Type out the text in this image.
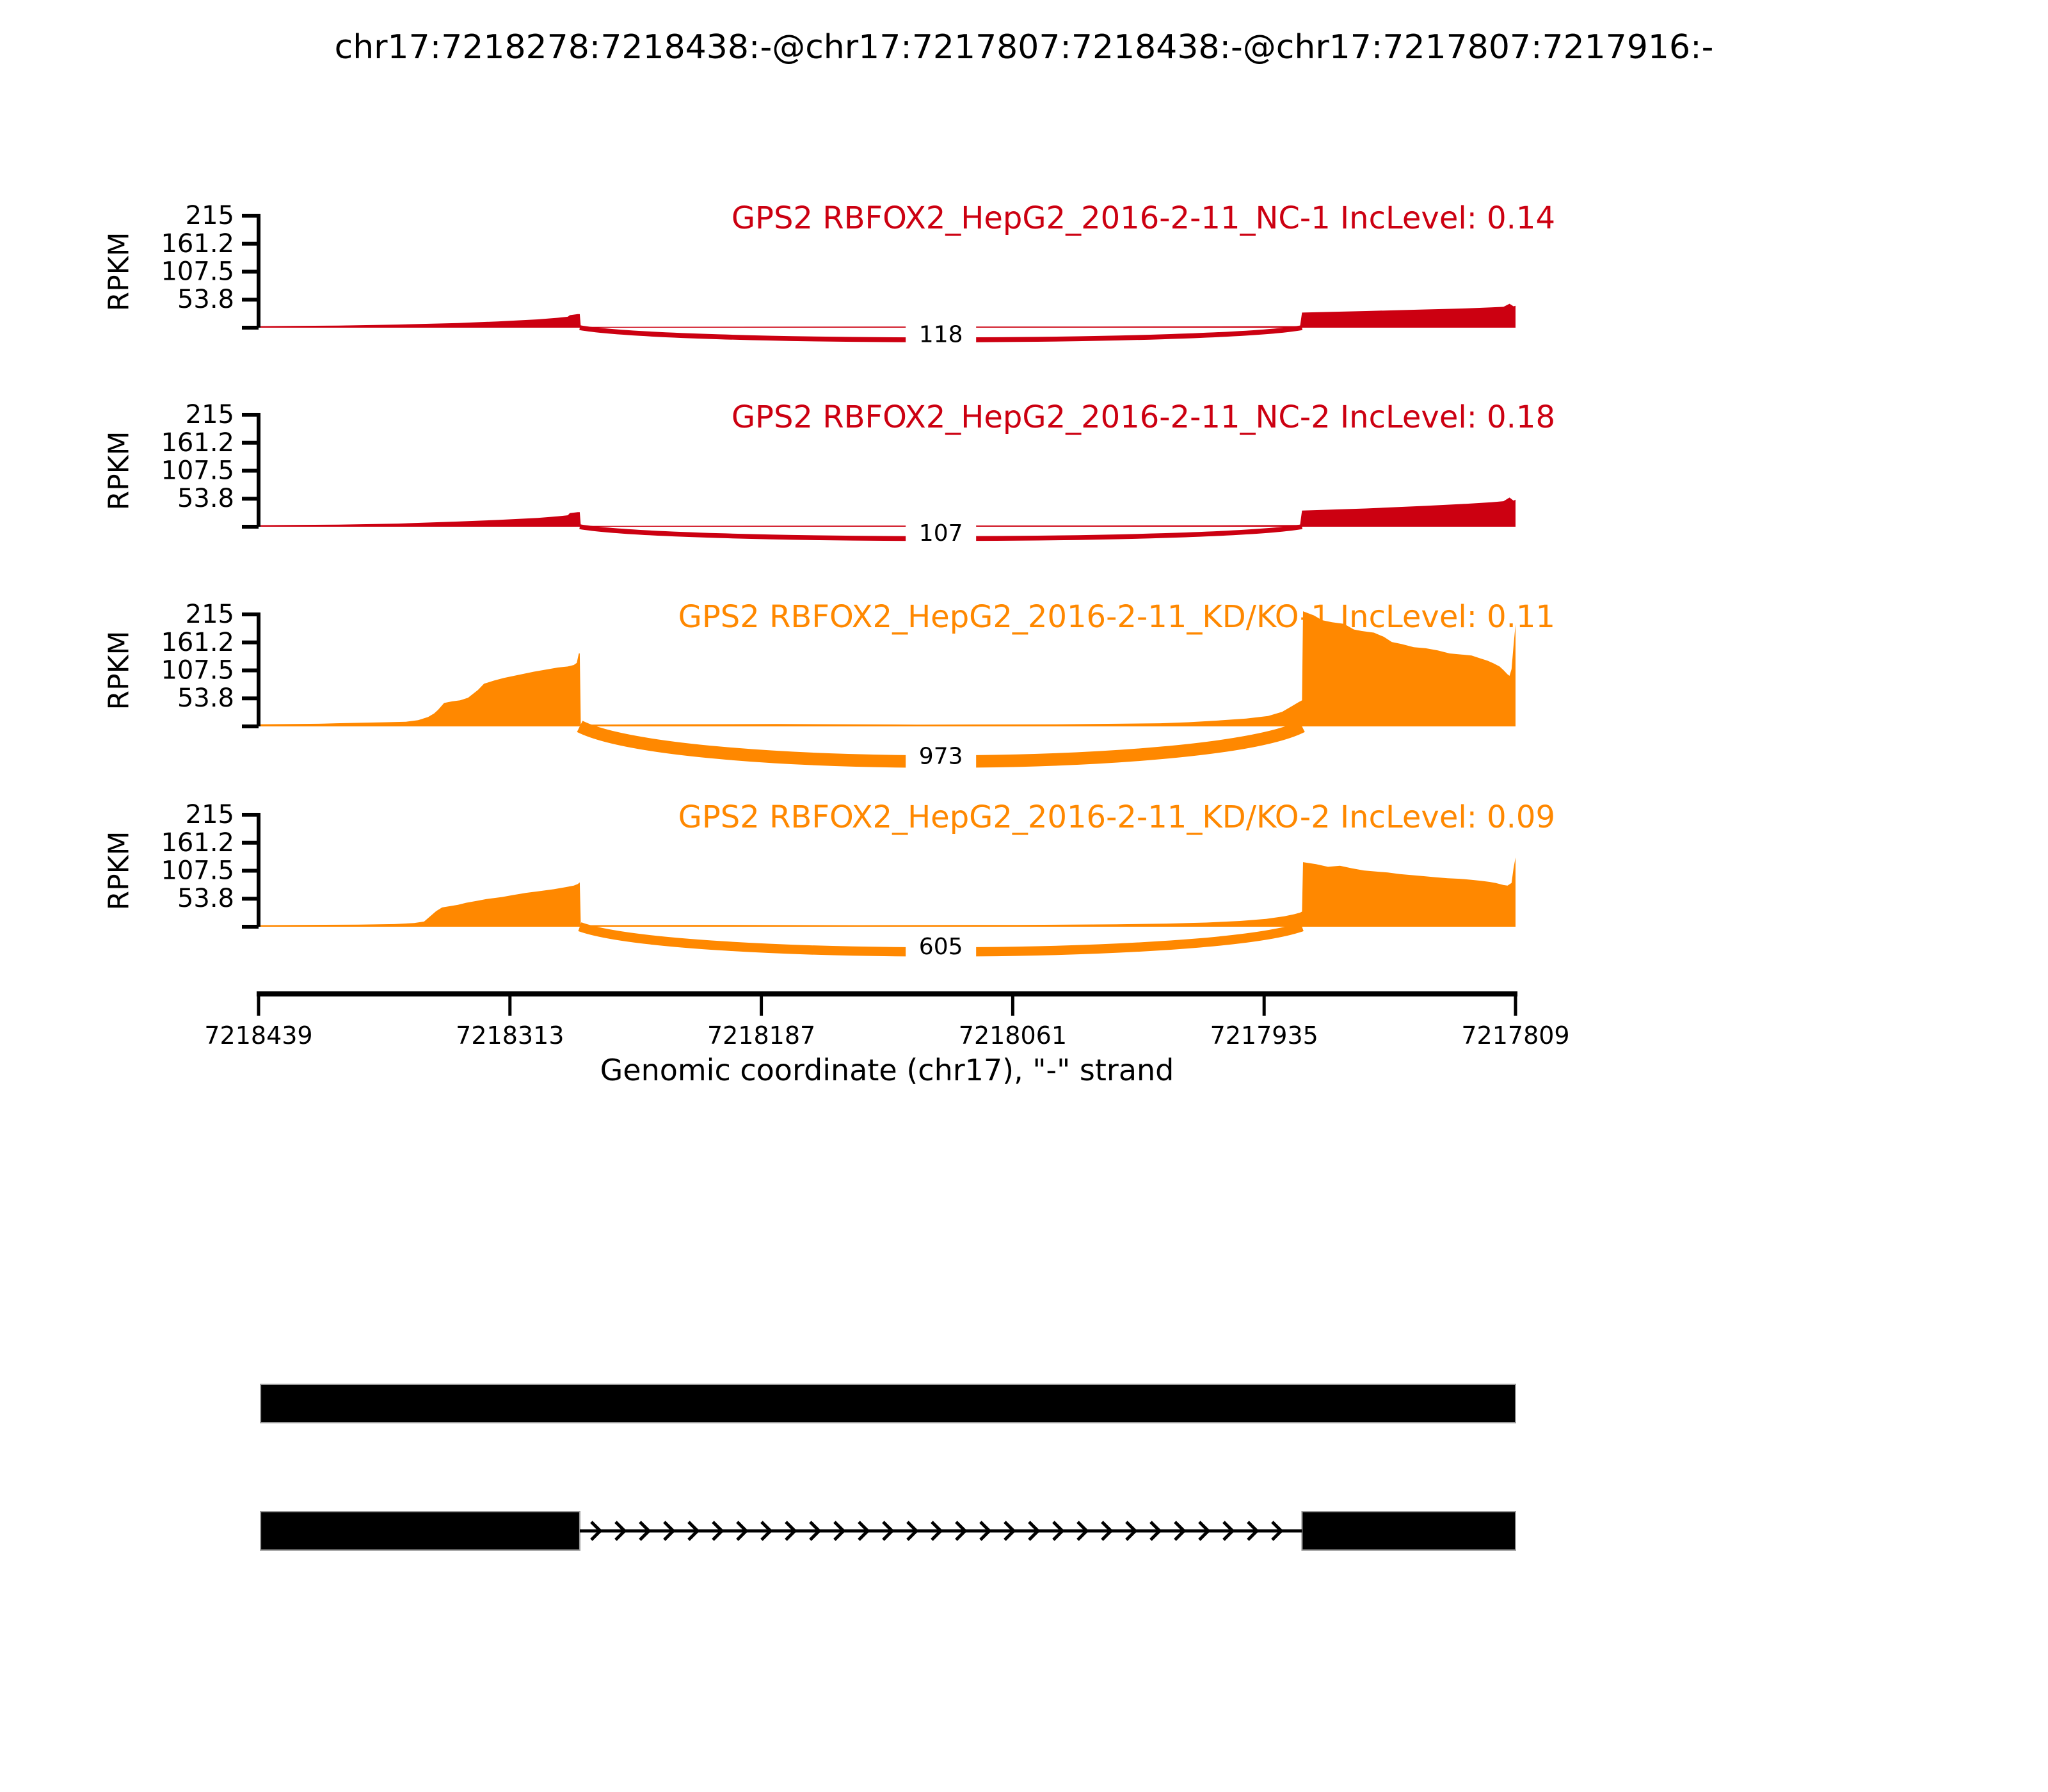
chr17:7218278:7218438:-@chr17:7217807:7218438:-@chr17:7217807:7217916:-
118
215
161.2
107.5
53.8
RPKM
GPS2 RBFOX2_HepG2_2016-2-11_NC-1 IncLevel: 0.14
107
215
161.2
107.5
53.8
RPKM
GPS2 RBFOX2_HepG2_2016-2-11_NC-2 IncLevel: 0.18
973
215
161.2
107.5
53.8
RPKM
GPS2 RBFOX2_HepG2_2016-2-11_KD/KO-1 IncLevel: 0.11
605
215
161.2
107.5
53.8
RPKM
GPS2 RBFOX2_HepG2_2016-2-11_KD/KO-2 IncLevel: 0.09
7218439	7218313	7218187	7218061	7217935	7217809
Genomic coordinate (chr17), "-" strand
